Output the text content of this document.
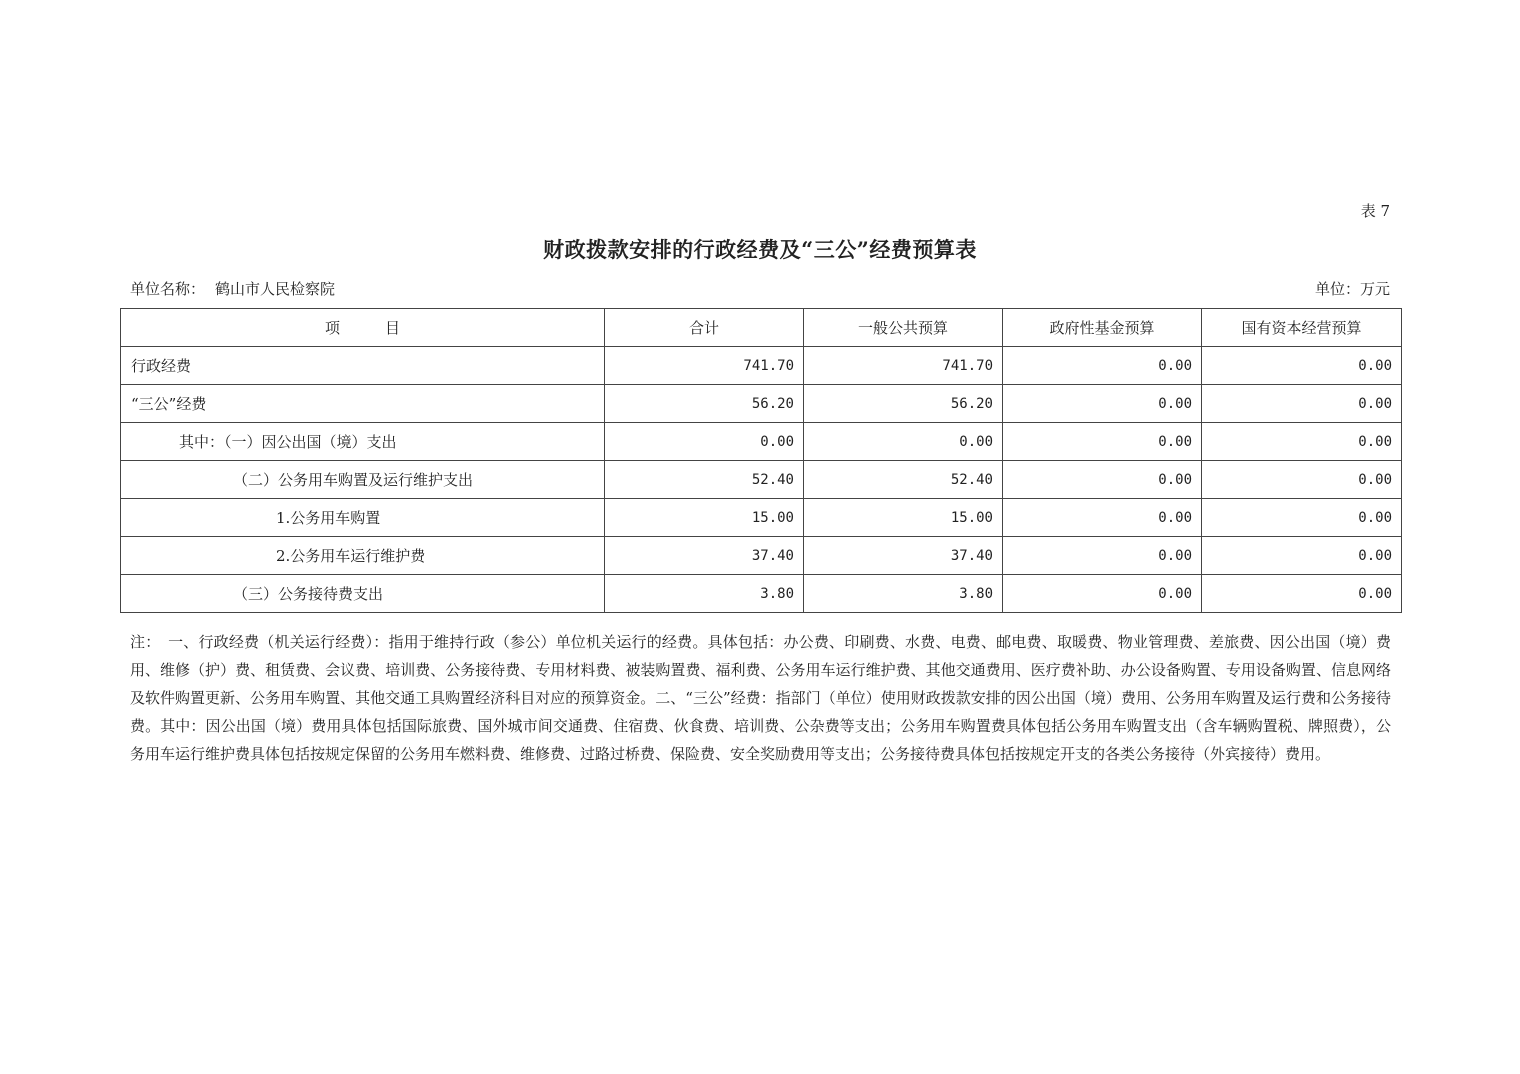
表 7
财政拨款安排的行政经费及“三公”经费预算表
单位名称： 鹤山市人民检察院	单位：万元
项　　　目	合计	一般公共预算	政府性基金预算	国有资本经营预算
行政经费	741.70	741.70	0.00	0.00
“三公”经费	56.20	56.20	0.00	0.00
其中：（一）因公出国（境）支出	0.00	0.00	0.00	0.00
（二）公务用车购置及运行维护支出	52.40	52.40	0.00	0.00
1.公务用车购置	15.00	15.00	0.00	0.00
2.公务用车运行维护费	37.40	37.40	0.00	0.00
（三）公务接待费支出	3.80	3.80	0.00	0.00
注：　一、行政经费（机关运行经费）：指用于维持行政（参公）单位机关运行的经费。具体包括：办公费、印刷费、水费、电费、邮电费、取暖费、物业管理费、差旅费、因公出国（境）费用、维修（护）费、租赁费、会议费、培训费、公务接待费、专用材料费、被装购置费、福利费、公务用车运行维护费、其他交通费用、医疗费补助、办公设备购置、专用设备购置、信息网络及软件购置更新、公务用车购置、其他交通工具购置经济科目对应的预算资金。二、“三公”经费：指部门（单位）使用财政拨款安排的因公出国（境）费用、公务用车购置及运行费和公务接待费。其中：因公出国（境）费用具体包括国际旅费、国外城市间交通费、住宿费、伙食费、培训费、公杂费等支出；公务用车购置费具体包括公务用车购置支出（含车辆购置税、牌照费），公务用车运行维护费具体包括按规定保留的公务用车燃料费、维修费、过路过桥费、保险费、安全奖励费用等支出；公务接待费具体包括按规定开支的各类公务接待（外宾接待）费用。
